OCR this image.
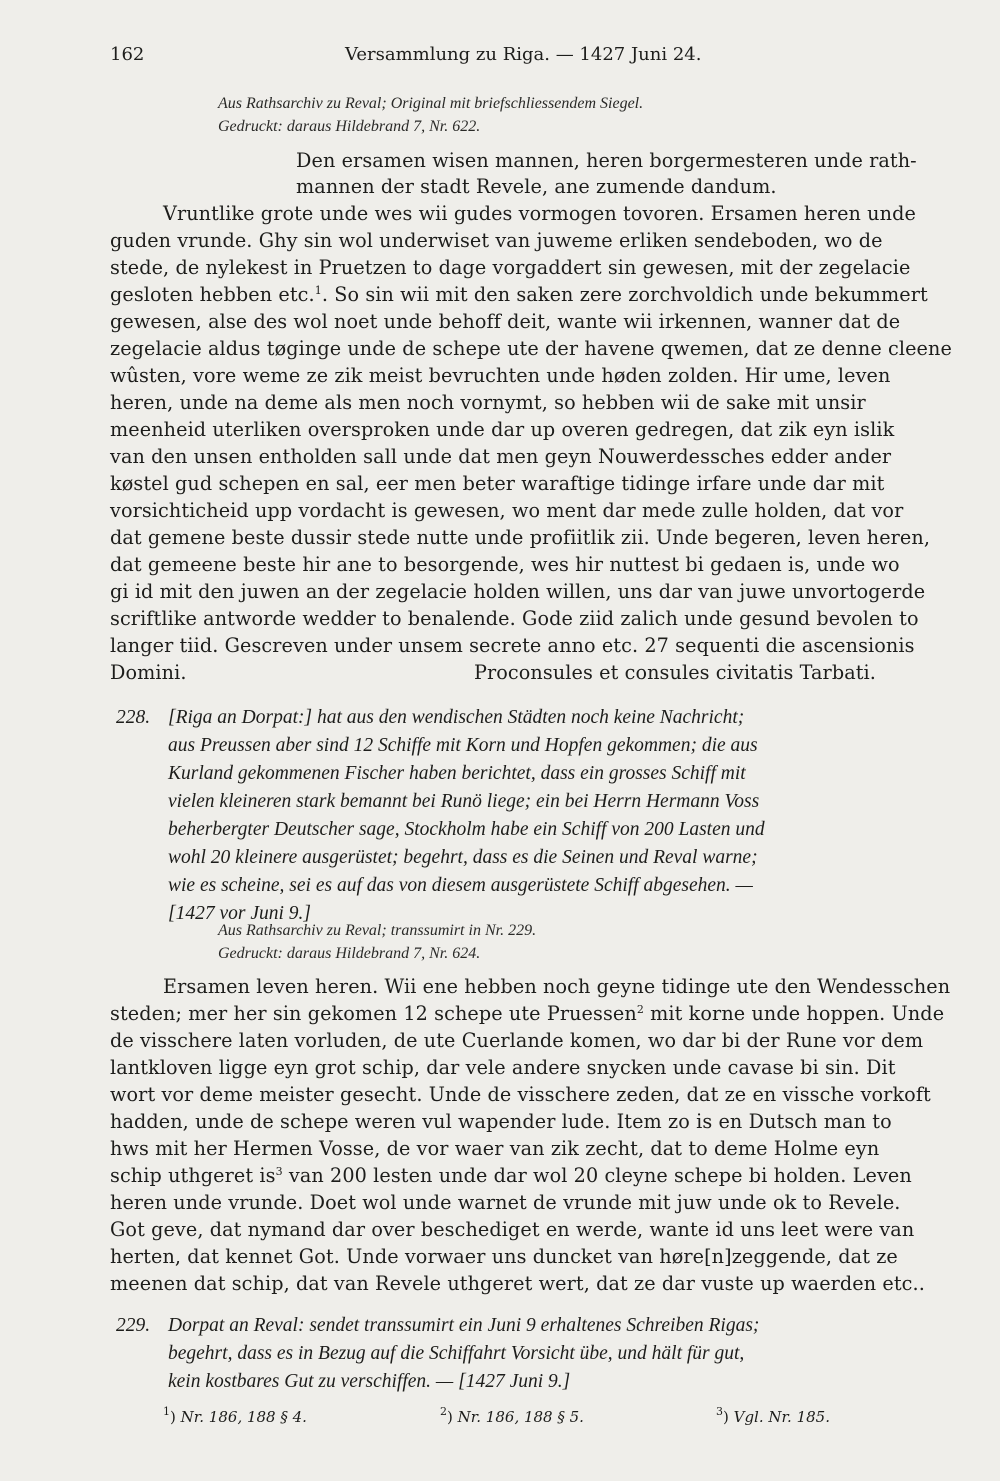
162	Versammlung zu Riga. — 1427 Juni 24.
Aus Rathsarchiv zu Reval; Original mit briefschliessendem Siegel.
Gedruckt: daraus Hildebrand 7, Nr. 622.
Den ersamen wisen mannen, heren borgermesteren unde rath-
mannen der stadt Revele, ane zumende dandum.
Vruntlike grote unde wes wii gudes vormogen tovoren. Ersamen heren unde
guden vrunde. Ghy sin wol underwiset van juweme erliken sendeboden, wo de
stede, de nylekest in Pruetzen to dage vorgaddert sin gewesen, mit der zegelacie
gesloten hebben etc.$^1$. So sin wii mit den saken zere zorchvoldich unde bekummert
gewesen, alse des wol noet unde behoff deit, wante wii irkennen, wanner dat de
zegelacie aldus tøginge unde de schepe ute der havene qwemen, dat ze denne cleene
wûsten, vore weme ze zik meist bevruchten unde høden zolden. Hir ume, leven
heren, unde na deme als men noch vornymt, so hebben wii de sake mit unsir
meenheid uterliken oversproken unde dar up overen gedregen, dat zik eyn islik
van den unsen entholden sall unde dat men geyn Nouwerdessches edder ander
køstel gud schepen en sal, eer men beter waraftige tidinge irfare unde dar mit
vorsichticheid upp vordacht is gewesen, wo ment dar mede zulle holden, dat vor
dat gemene beste dussir stede nutte unde profiitlik zii. Unde begeren, leven heren,
dat gemeene beste hir ane to besorgende, wes hir nuttest bi gedaen is, unde wo
gi id mit den juwen an der zegelacie holden willen, uns dar van juwe unvortogerde
scriftlike antworde wedder to benalende. Gode ziid zalich unde gesund bevolen to
langer tiid. Gescreven under unsem secrete anno etc. 27 sequenti die ascensionis
Domini.	Proconsules et consules civitatis Tarbati.
228. [Riga an Dorpat:] hat aus den wendischen Städten noch keine Nachricht;
aus Preussen aber sind 12 Schiffe mit Korn und Hopfen gekommen; die aus
Kurland gekommenen Fischer haben berichtet, dass ein grosses Schiff mit
vielen kleineren stark bemannt bei Runö liege; ein bei Herrn Hermann Voss
beherbergter Deutscher sage, Stockholm habe ein Schiff von 200 Lasten und
wohl 20 kleinere ausgerüstet; begehrt, dass es die Seinen und Reval warne;
wie es scheine, sei es auf das von diesem ausgerüstete Schiff abgesehen. —
[1427 vor Juni 9.]
Aus Rathsarchiv zu Reval; transsumirt in Nr. 229.
Gedruckt: daraus Hildebrand 7, Nr. 624.
Ersamen leven heren. Wii ene hebben noch geyne tidinge ute den Wendesschen
steden; mer her sin gekomen 12 schepe ute Pruessen$^2$ mit korne unde hoppen. Unde
de visschere laten vorluden, de ute Cuerlande komen, wo dar bi der Rune vor dem
lantkloven ligge eyn grot schip, dar vele andere snycken unde cavase bi sin. Dit
wort vor deme meister gesecht. Unde de visschere zeden, dat ze en vissche vorkoft
hadden, unde de schepe weren vul wapender lude. Item zo is en Dutsch man to
hws mit her Hermen Vosse, de vor waer van zik zecht, dat to deme Holme eyn
schip uthgeret $is^3$ van 200 lesten unde dar wol 20 cleyne schepe bi holden. Leven
heren unde vrunde. Doet wol unde warnet de vrunde mit juw unde ok to Revele.
Got geve, dat nymand dar over beschediget en werde, wante id uns leet were van
herten, dat kennet Got. Unde vorwaer uns duncket van høre[n]zeggende, dat ze
meenen dat schip, dat van Revele uthgeret wert, dat ze dar vuste up waerden etc..
229. Dorpat an Reval: sendet transsumirt ein Juni 9 erhaltenes Schreiben Rigas;
begehrt, dass es in Bezug auf die Schiffahrt Vorsicht übe, und hält für gut,
kein kostbares Gut zu verschiffen. — [1427 Juni 9.]
$^1$) Nr. 186, 188 § 4.	$^2$) Nr. 186, 188 § 5.	$^3$) Vgl. Nr. 185.
